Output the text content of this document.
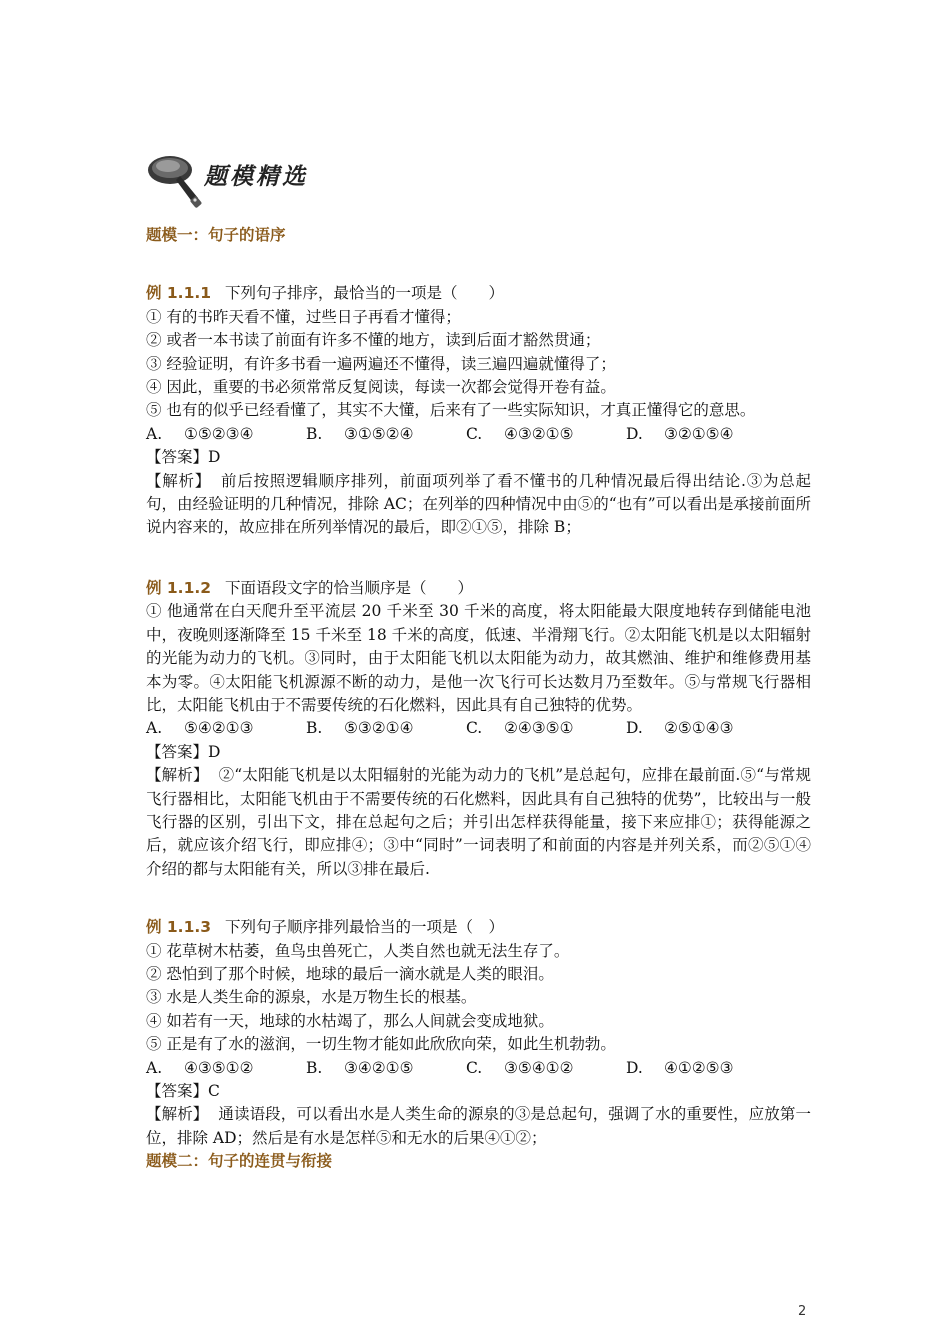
题模精选
题模一：句子的语序
例 1.1.1 下列句子排序，最恰当的一项是（　　）
① 有的书昨天看不懂，过些日子再看才懂得；
② 或者一本书读了前面有许多不懂的地方，读到后面才豁然贯通；
③ 经验证明，有许多书看一遍两遍还不懂得，读三遍四遍就懂得了；
④ 因此，重要的书必须常常反复阅读，每读一次都会觉得开卷有益。
⑤ 也有的似乎已经看懂了，其实不大懂，后来有了一些实际知识，才真正懂得它的意思。
A. ①⑤②③④	B. ③①⑤②④	C. ④③②①⑤	D. ③②①⑤④
【答案】D
【解析】 前后按照逻辑顺序排列，前面项列举了看不懂书的几种情况最后得出结论.③为总起句，由经验证明的几种情况，排除 AC；在列举的四种情况中由⑤的“也有”可以看出是承接前面所说内容来的，故应排在所列举情况的最后，即②①⑤，排除 B；
例 1.1.2 下面语段文字的恰当顺序是（　　）
① 他通常在白天爬升至平流层 20 千米至 30 千米的高度，将太阳能最大限度地转存到储能电池中，夜晚则逐渐降至 15 千米至 18 千米的高度，低速、半滑翔飞行。②太阳能飞机是以太阳辐射的光能为动力的飞机。③同时，由于太阳能飞机以太阳能为动力，故其燃油、维护和维修费用基本为零。④太阳能飞机源源不断的动力，是他一次飞行可长达数月乃至数年。⑤与常规飞行器相比，太阳能飞机由于不需要传统的石化燃料，因此具有自己独特的优势。
A. ⑤④②①③	B. ⑤③②①④	C. ②④③⑤①	D. ②⑤①④③
【答案】D
【解析】 ②“太阳能飞机是以太阳辐射的光能为动力的飞机”是总起句，应排在最前面.⑤“与常规飞行器相比，太阳能飞机由于不需要传统的石化燃料，因此具有自己独特的优势”，比较出与一般飞行器的区别，引出下文，排在总起句之后；并引出怎样获得能量，接下来应排①；获得能源之后，就应该介绍飞行，即应排④；③中“同时”一词表明了和前面的内容是并列关系，而②⑤①④介绍的都与太阳能有关，所以③排在最后.
例 1.1.3 下列句子顺序排列最恰当的一项是（　）
① 花草树木枯萎，鱼鸟虫兽死亡，人类自然也就无法生存了。
② 恐怕到了那个时候，地球的最后一滴水就是人类的眼泪。
③ 水是人类生命的源泉，水是万物生长的根基。
④ 如若有一天，地球的水枯竭了，那么人间就会变成地狱。
⑤ 正是有了水的滋润，一切生物才能如此欣欣向荣，如此生机勃勃。
A. ④③⑤①②	B. ③④②①⑤	C. ③⑤④①②	D. ④①②⑤③
【答案】C
【解析】 通读语段，可以看出水是人类生命的源泉的③是总起句，强调了水的重要性，应放第一位，排除 AD；然后是有水是怎样⑤和无水的后果④①②；
题模二：句子的连贯与衔接
2
